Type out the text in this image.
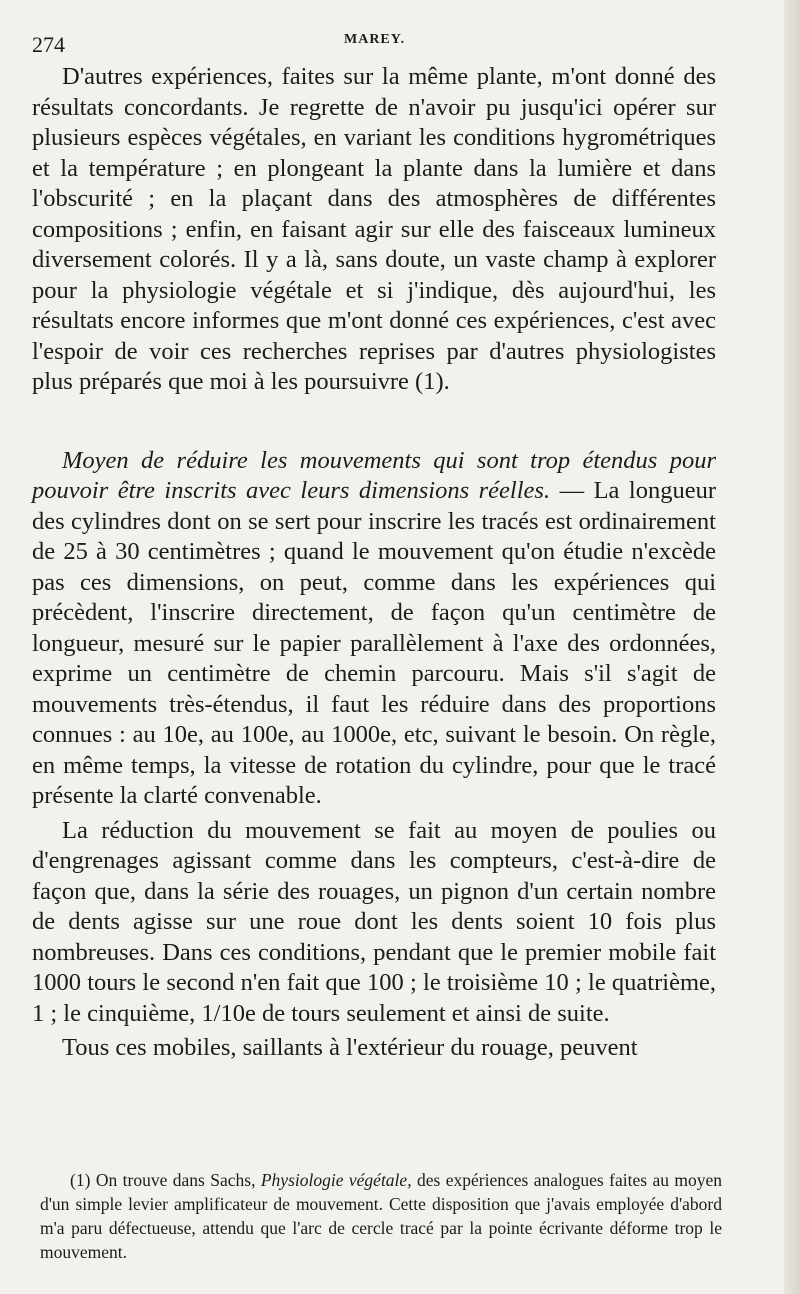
274	MAREY.

D'autres expériences, faites sur la même plante, m'ont donné des résultats concordants. Je regrette de n'avoir pu jusqu'ici opérer sur plusieurs espèces végétales, en variant les conditions hygrométriques et la température ; en plongeant la plante dans la lumière et dans l'obscurité ; en la plaçant dans des atmosphères de différentes compositions ; enfin, en faisant agir sur elle des faisceaux lumineux diversement colorés. Il y a là, sans doute, un vaste champ à explorer pour la physiologie végétale et si j'indique, dès aujourd'hui, les résultats encore informes que m'ont donné ces expériences, c'est avec l'espoir de voir ces recherches reprises par d'autres physiologistes plus préparés que moi à les poursuivre (1).

Moyen de réduire les mouvements qui sont trop étendus pour pouvoir être inscrits avec leurs dimensions réelles. — La longueur des cylindres dont on se sert pour inscrire les tracés est ordinairement de 25 à 30 centimètres ; quand le mouvement qu'on étudie n'excède pas ces dimensions, on peut, comme dans les expériences qui précèdent, l'inscrire directement, de façon qu'un centimètre de longueur, mesuré sur le papier parallèlement à l'axe des ordonnées, exprime un centimètre de chemin parcouru. Mais s'il s'agit de mouvements très-étendus, il faut les réduire dans des proportions connues : au 10e, au 100e, au 1000e, etc, suivant le besoin. On règle, en même temps, la vitesse de rotation du cylindre, pour que le tracé présente la clarté convenable.

La réduction du mouvement se fait au moyen de poulies ou d'engrenages agissant comme dans les compteurs, c'est-à-dire de façon que, dans la série des rouages, un pignon d'un certain nombre de dents agisse sur une roue dont les dents soient 10 fois plus nombreuses. Dans ces conditions, pendant que le premier mobile fait 1000 tours le second n'en fait que 100 ; le troisième 10 ; le quatrième, 1 ; le cinquième, 1/10e de tours seulement et ainsi de suite.

Tous ces mobiles, saillants à l'extérieur du rouage, peuvent

(1) On trouve dans Sachs, Physiologie végétale, des expériences analogues faites au moyen d'un simple levier amplificateur de mouvement. Cette disposition que j'avais employée d'abord m'a paru défectueuse, attendu que l'arc de cercle tracé par la pointe écrivante déforme trop le mouvement.
